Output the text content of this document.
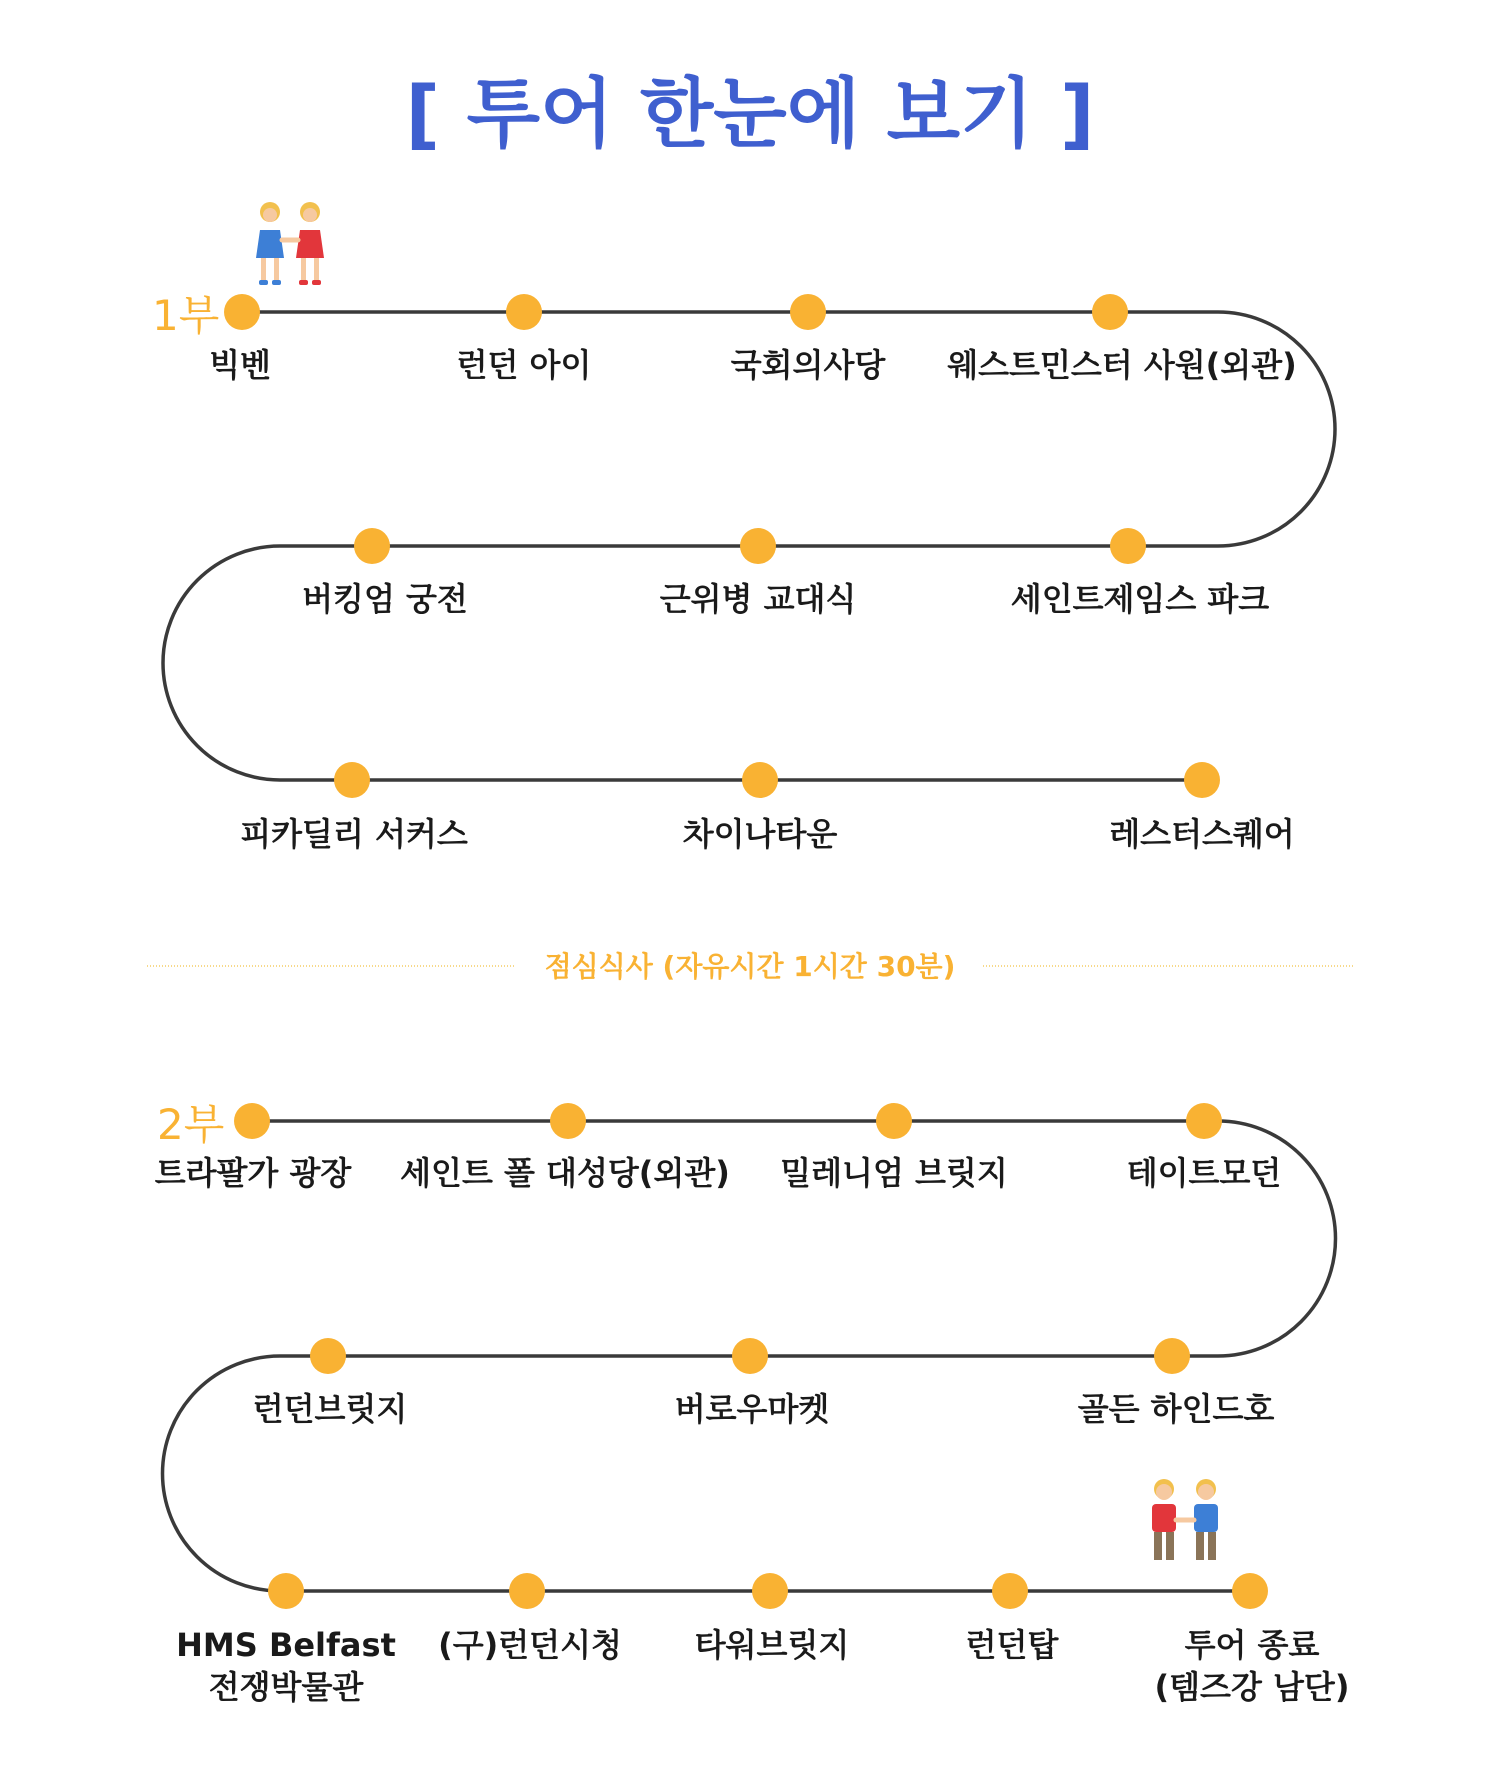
[ 투어 한눈에 보기 ]
1부
빅벤	런던 아이	국회의사당 웨스트민스터 사원(외관)
버킹엄 궁전	근위병 교대식	세인트제임스 파크
피카딜리 서커스	차이나타운	레스터스퀘어
점심식사 (자유시간 1시간 30분)
2부
트라팔가 광장 세인트 폴 대성당(외관) 밀레니엄 브릿지	테이트모던
런던브릿지	버로우마켓	골든 하인드호
HMS Belfast 전쟁박물관
(구)런던시청 타워브릿지	런던탑	투어 종료 (템즈강 남단)
